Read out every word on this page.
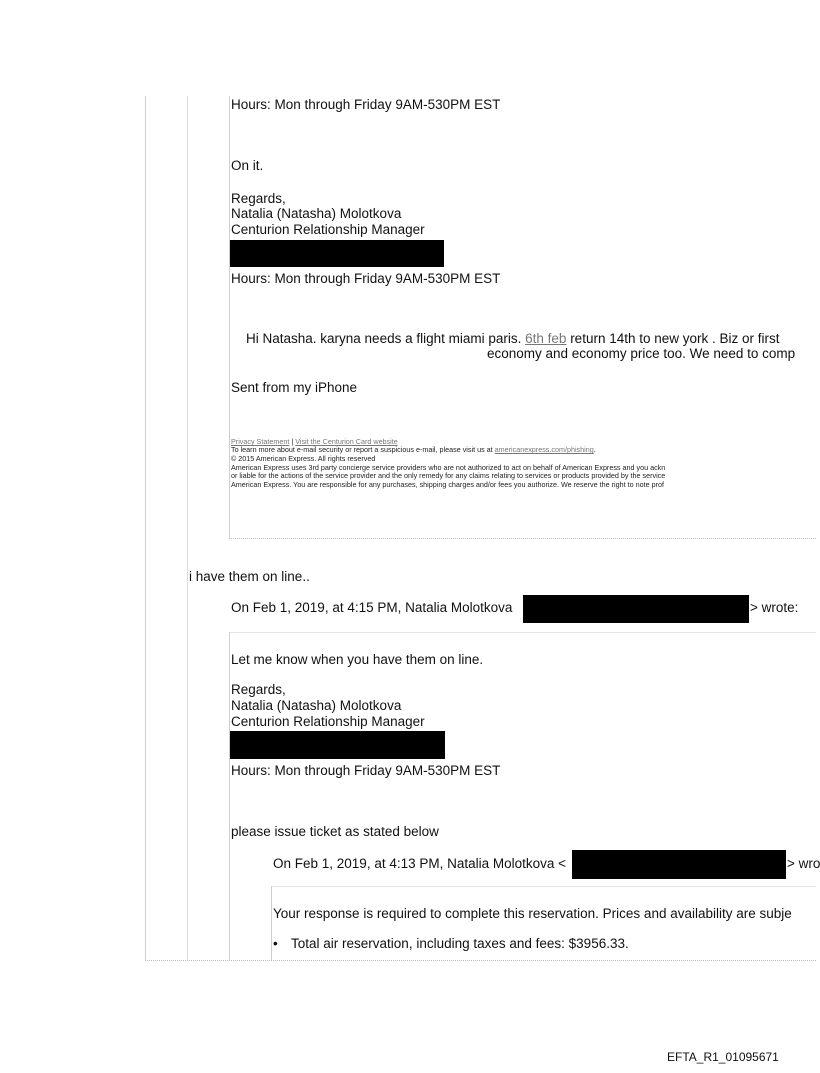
Hours: Mon through Friday 9AM-530PM EST
On it.
Regards,
Natalia (Natasha) Molotkova
Centurion Relationship Manager
Hours: Mon through Friday 9AM-530PM EST
Hi Natasha. karyna needs a flight miami paris. 6th feb return 14th to new york . Biz or first
economy and economy price too. We need to comp
Sent from my iPhone
Privacy Statement | Visit the Centurion Card website
To learn more about e-mail security or report a suspicious e-mail, please visit us at americanexpress.com/phishing.
© 2015 American Express. All rights reserved
American Express uses 3rd party concierge service providers who are not authorized to act on behalf of American Express and you ackn
or liable for the actions of the service provider and the only remedy for any claims relating to services or products provided by the service
American Express. You are responsible for any purchases, shipping charges and/or fees you authorize. We reserve the right to note prof
i have them on line..
On Feb 1, 2019, at 4:15 PM, Natalia Molotkova	> wrote:
Let me know when you have them on line.
Regards,
Natalia (Natasha) Molotkova
Centurion Relationship Manager
Hours: Mon through Friday 9AM-530PM EST
please issue ticket as stated below
On Feb 1, 2019, at 4:13 PM, Natalia Molotkova <	> wro
Your response is required to complete this reservation. Prices and availability are subje
• Total air reservation, including taxes and fees: $3956.33.
EFTA_R1_01095671
